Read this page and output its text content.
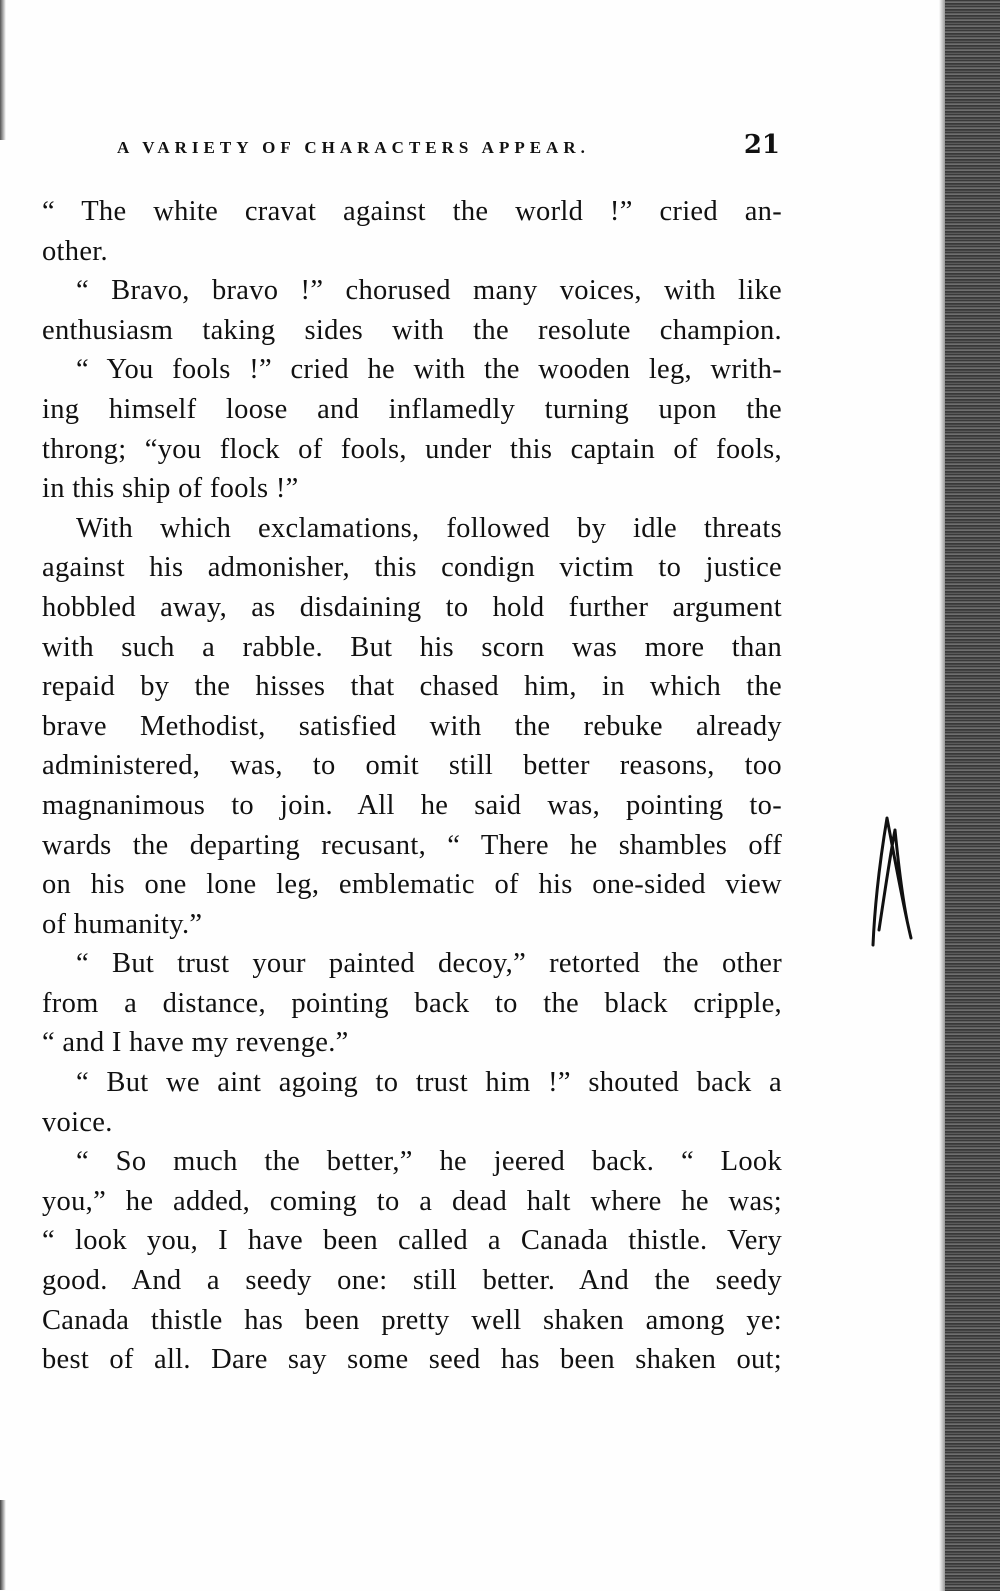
A VARIETY OF CHARACTERS APPEAR.	21
“ The white cravat against the world !” cried an-
other.
“ Bravo, bravo !” chorused many voices, with like
enthusiasm taking sides with the resolute champion.
“ You fools !” cried he with the wooden leg, writh-
ing himself loose and inflamedly turning upon the
throng; “you flock of fools, under this captain of fools,
in this ship of fools !”
With which exclamations, followed by idle threats
against his admonisher, this condign victim to justice
hobbled away, as disdaining to hold further argument
with such a rabble. But his scorn was more than
repaid by the hisses that chased him, in which the
brave Methodist, satisfied with the rebuke already
administered, was, to omit still better reasons, too
magnanimous to join. All he said was, pointing to-
wards the departing recusant, “ There he shambles off
on his one lone leg, emblematic of his one-sided view
of humanity.”
“ But trust your painted decoy,” retorted the other
from a distance, pointing back to the black cripple,
“ and I have my revenge.”
“ But we aint agoing to trust him !” shouted back a
voice.
“ So much the better,” he jeered back. “ Look
you,” he added, coming to a dead halt where he was;
“ look you, I have been called a Canada thistle. Very
good. And a seedy one: still better. And the seedy
Canada thistle has been pretty well shaken among ye:
best of all. Dare say some seed has been shaken out;
